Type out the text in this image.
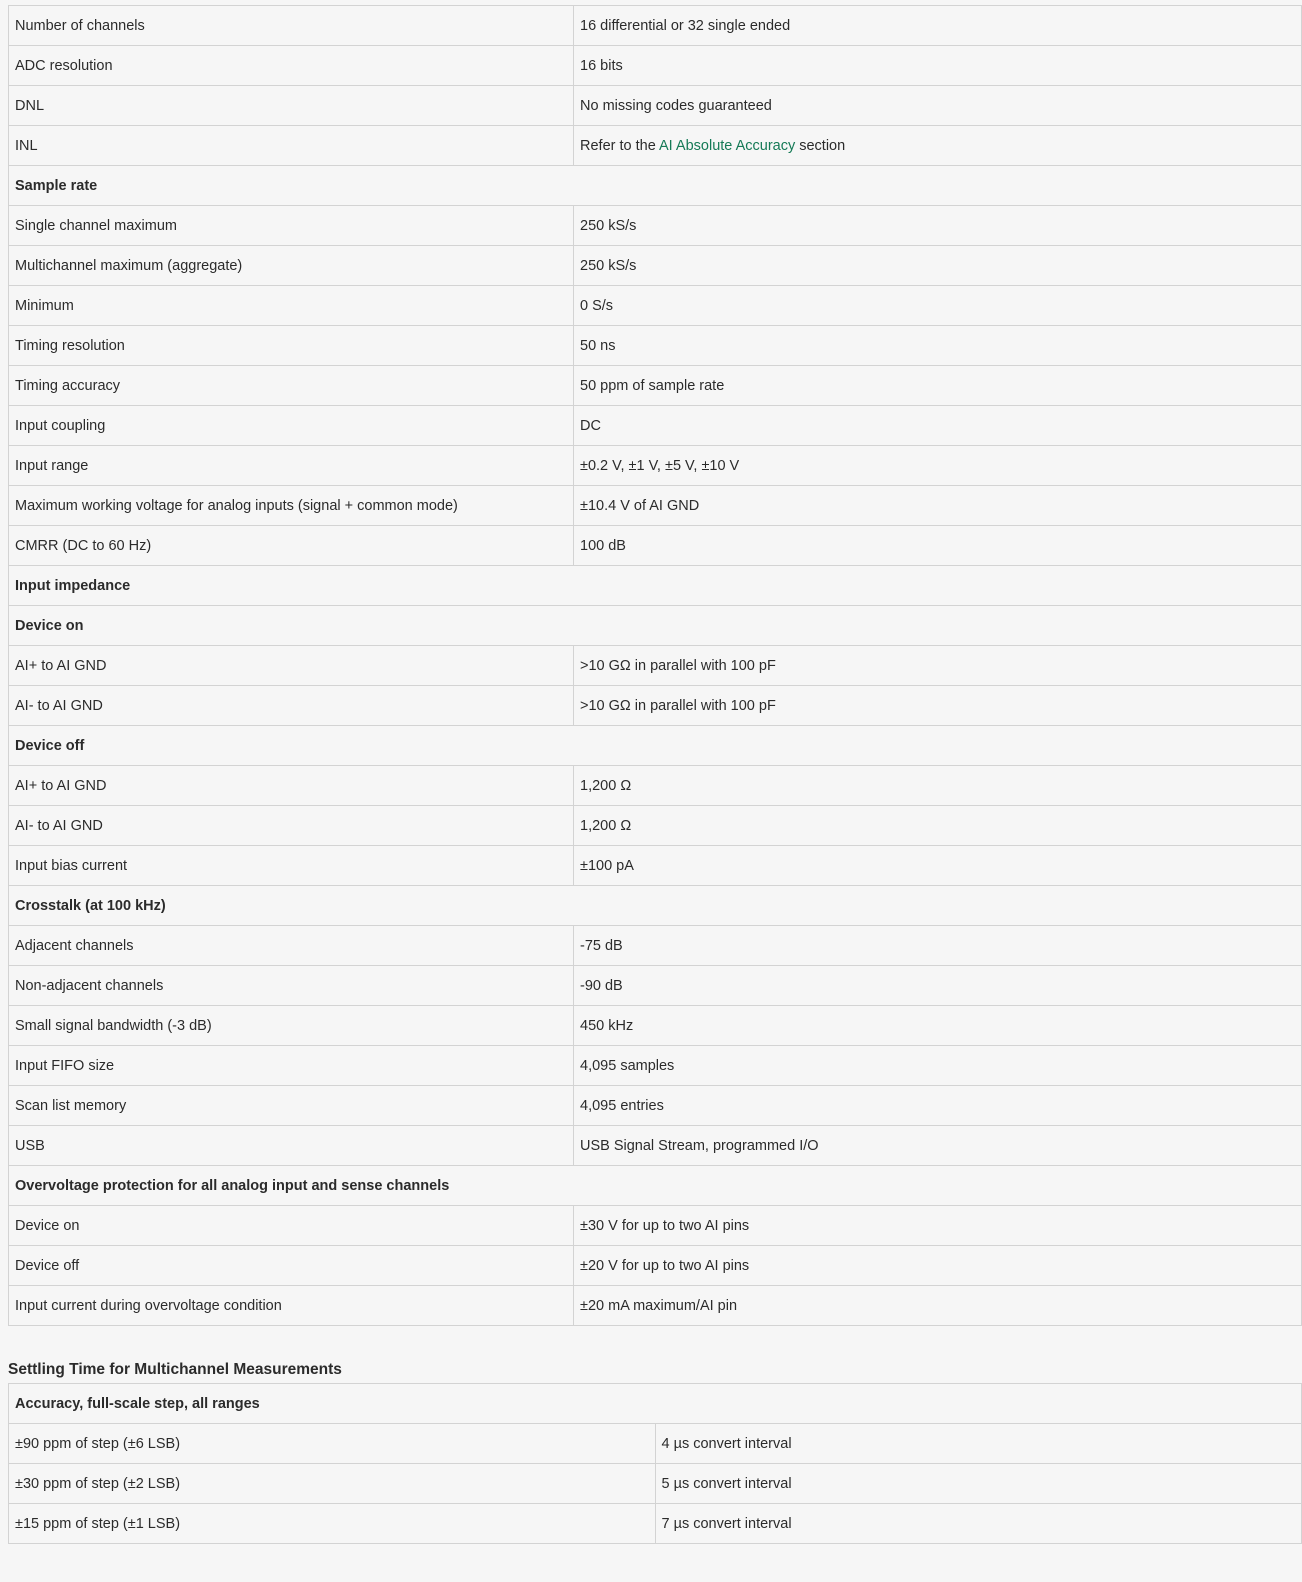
Number of channels	16 differential or 32 single ended
ADC resolution	16 bits
DNL	No missing codes guaranteed
INL	Refer to the AI Absolute Accuracy section
Sample rate	
Single channel maximum	250 kS/s
Multichannel maximum (aggregate)	250 kS/s
Minimum	0 S/s
Timing resolution	50 ns
Timing accuracy	50 ppm of sample rate
Input coupling	DC
Input range	±0.2 V, ±1 V, ±5 V, ±10 V
Maximum working voltage for analog inputs (signal + common mode)	±10.4 V of AI GND
CMRR (DC to 60 Hz)	100 dB
Input impedance	
Device on	
AI+ to AI GND	>10 GΩ in parallel with 100 pF
AI- to AI GND	>10 GΩ in parallel with 100 pF
Device off	
AI+ to AI GND	1,200 Ω
AI- to AI GND	1,200 Ω
Input bias current	±100 pA
Crosstalk (at 100 kHz)	
Adjacent channels	-75 dB
Non-adjacent channels	-90 dB
Small signal bandwidth (-3 dB)	450 kHz
Input FIFO size	4,095 samples
Scan list memory	4,095 entries
USB	USB Signal Stream, programmed I/O
Overvoltage protection for all analog input and sense channels	
Device on	±30 V for up to two AI pins
Device off	±20 V for up to two AI pins
Input current during overvoltage condition	±20 mA maximum/AI pin
Settling Time for Multichannel Measurements
Accuracy, full-scale step, all ranges	
±90 ppm of step (±6 LSB)	4 µs convert interval
±30 ppm of step (±2 LSB)	5 µs convert interval
±15 ppm of step (±1 LSB)	7 µs convert interval
